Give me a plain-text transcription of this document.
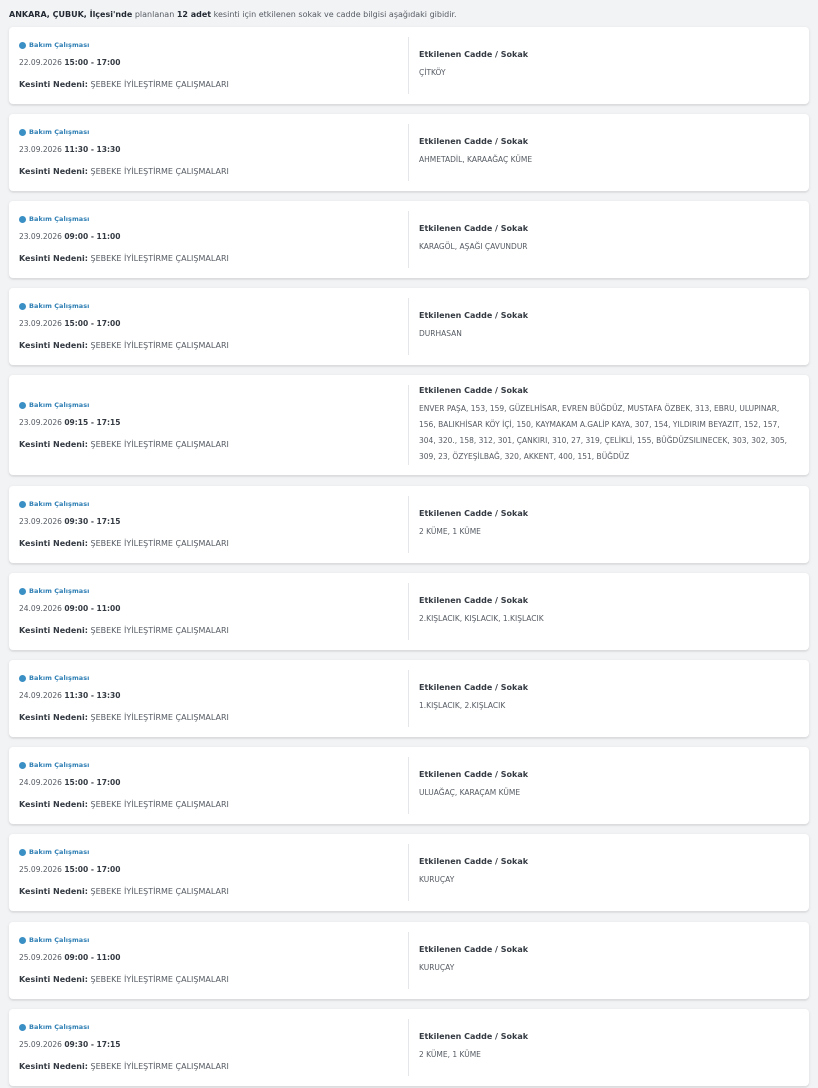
ANKARA, ÇUBUK, İlçesi'nde planlanan 12 adet kesinti için etkilenen sokak ve cadde bilgisi aşağıdaki gibidir.
Bakım Çalışması
22.09.2026 15:00 - 17:00
Kesinti Nedeni: ŞEBEKE İYİLEŞTİRME ÇALIŞMALARI
Etkilenen Cadde / Sokak
ÇİTKÖY
Bakım Çalışması
23.09.2026 11:30 - 13:30
Kesinti Nedeni: ŞEBEKE İYİLEŞTİRME ÇALIŞMALARI
Etkilenen Cadde / Sokak
AHMETADİL, KARAAĞAÇ KÜME
Bakım Çalışması
23.09.2026 09:00 - 11:00
Kesinti Nedeni: ŞEBEKE İYİLEŞTİRME ÇALIŞMALARI
Etkilenen Cadde / Sokak
KARAGÖL, AŞAĞI ÇAVUNDUR
Bakım Çalışması
23.09.2026 15:00 - 17:00
Kesinti Nedeni: ŞEBEKE İYİLEŞTİRME ÇALIŞMALARI
Etkilenen Cadde / Sokak
DURHASAN
Bakım Çalışması
23.09.2026 09:15 - 17:15
Kesinti Nedeni: ŞEBEKE İYİLEŞTİRME ÇALIŞMALARI
Etkilenen Cadde / Sokak
ENVER PAŞA, 153, 159, GÜZELHİSAR, EVREN BÜĞDÜZ, MUSTAFA ÖZBEK, 313, EBRU, ULUPINAR, 156, BALIKHİSAR KÖY İÇİ, 150, KAYMAKAM A.GALİP KAYA, 307, 154, YILDIRIM BEYAZIT, 152, 157, 304, 320., 158, 312, 301, ÇANKIRI, 310, 27, 319, ÇELİKLİ, 155, BÜĞDÜZSILINECEK, 303, 302, 305, 309, 23, ÖZYEŞİLBAĞ, 320, AKKENT, 400, 151, BÜĞDÜZ
Bakım Çalışması
23.09.2026 09:30 - 17:15
Kesinti Nedeni: ŞEBEKE İYİLEŞTİRME ÇALIŞMALARI
Etkilenen Cadde / Sokak
2 KÜME, 1 KÜME
Bakım Çalışması
24.09.2026 09:00 - 11:00
Kesinti Nedeni: ŞEBEKE İYİLEŞTİRME ÇALIŞMALARI
Etkilenen Cadde / Sokak
2.KIŞLACIK, KIŞLACIK, 1.KIŞLACIK
Bakım Çalışması
24.09.2026 11:30 - 13:30
Kesinti Nedeni: ŞEBEKE İYİLEŞTİRME ÇALIŞMALARI
Etkilenen Cadde / Sokak
1.KIŞLACIK, 2.KIŞLACIK
Bakım Çalışması
24.09.2026 15:00 - 17:00
Kesinti Nedeni: ŞEBEKE İYİLEŞTİRME ÇALIŞMALARI
Etkilenen Cadde / Sokak
ULUAĞAÇ, KARAÇAM KÜME
Bakım Çalışması
25.09.2026 15:00 - 17:00
Kesinti Nedeni: ŞEBEKE İYİLEŞTİRME ÇALIŞMALARI
Etkilenen Cadde / Sokak
KURUÇAY
Bakım Çalışması
25.09.2026 09:00 - 11:00
Kesinti Nedeni: ŞEBEKE İYİLEŞTİRME ÇALIŞMALARI
Etkilenen Cadde / Sokak
KURUÇAY
Bakım Çalışması
25.09.2026 09:30 - 17:15
Kesinti Nedeni: ŞEBEKE İYİLEŞTİRME ÇALIŞMALARI
Etkilenen Cadde / Sokak
2 KÜME, 1 KÜME
